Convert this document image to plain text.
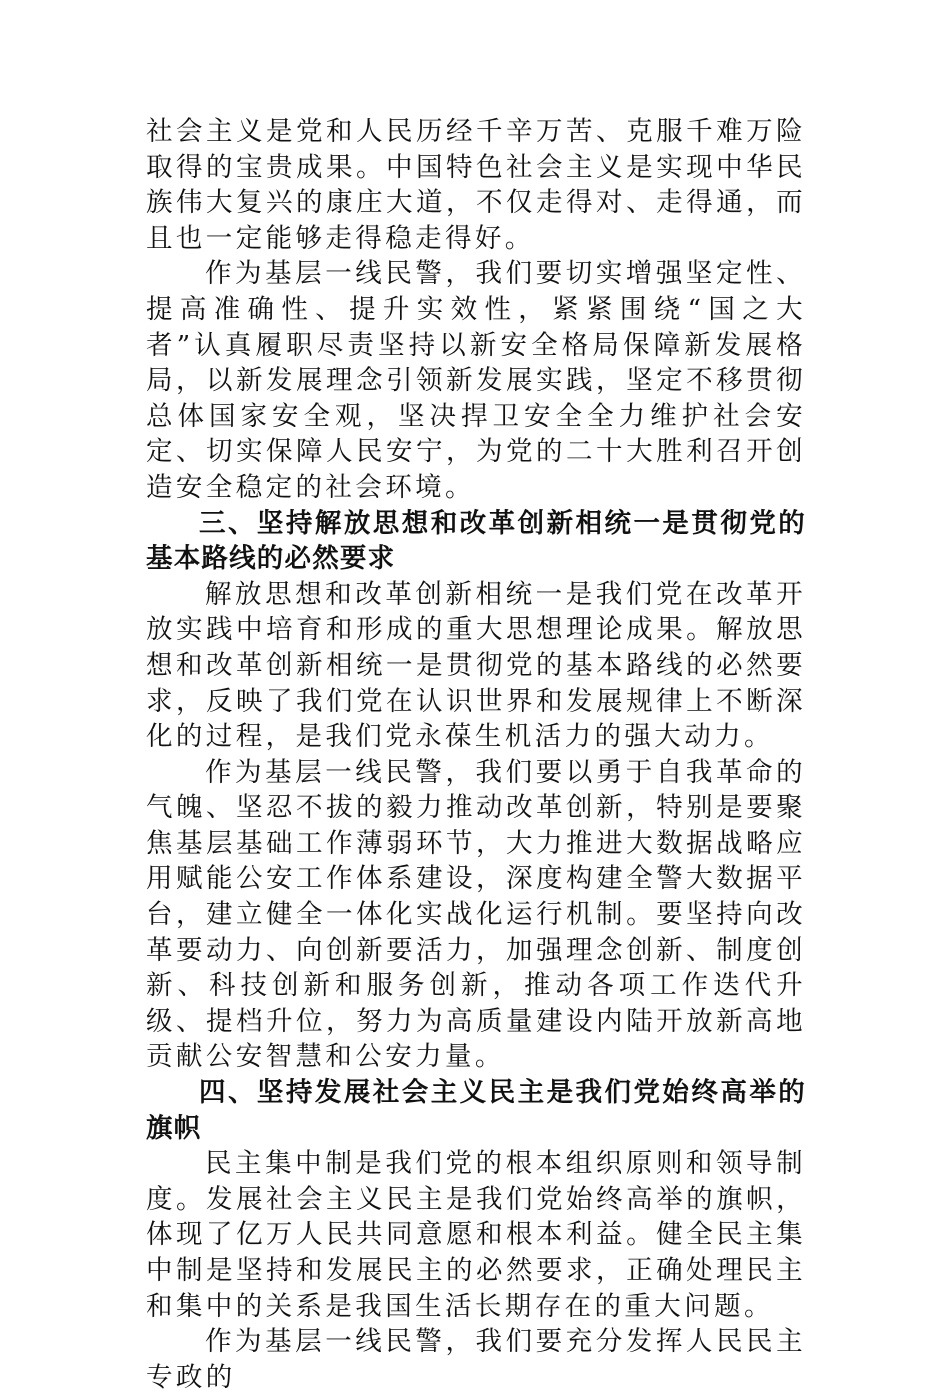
社会主义是党和人民历经千辛万苦、克服千难万险取得的宝贵成果。中国特色社会主义是实现中华民族伟大复兴的康庄大道，不仅走得对、走得通，而且也一定能够走得稳走得好。

作为基层一线民警，我们要切实增强坚定性、提高准确性、提升实效性，紧紧围绕“国之大者”认真履职尽责坚持以新安全格局保障新发展格局，以新发展理念引领新发展实践，坚定不移贯彻总体国家安全观，坚决捍卫安全全力维护社会安定、切实保障人民安宁，为党的二十大胜利召开创造安全稳定的社会环境。

三、坚持解放思想和改革创新相统一是贯彻党的基本路线的必然要求

解放思想和改革创新相统一是我们党在改革开放实践中培育和形成的重大思想理论成果。解放思想和改革创新相统一是贯彻党的基本路线的必然要求，反映了我们党在认识世界和发展规律上不断深化的过程，是我们党永葆生机活力的强大动力。

作为基层一线民警，我们要以勇于自我革命的气魄、坚忍不拔的毅力推动改革创新，特别是要聚焦基层基础工作薄弱环节，大力推进大数据战略应用赋能公安工作体系建设，深度构建全警大数据平台，建立健全一体化实战化运行机制。要坚持向改革要动力、向创新要活力，加强理念创新、制度创新、科技创新和服务创新，推动各项工作迭代升级、提档升位，努力为高质量建设内陆开放新高地贡献公安智慧和公安力量。

四、坚持发展社会主义民主是我们党始终高举的旗帜

民主集中制是我们党的根本组织原则和领导制度。发展社会主义民主是我们党始终高举的旗帜，体现了亿万人民共同意愿和根本利益。健全民主集中制是坚持和发展民主的必然要求，正确处理民主和集中的关系是我国生活长期存在的重大问题。

作为基层一线民警，我们要充分发挥人民民主专政的
